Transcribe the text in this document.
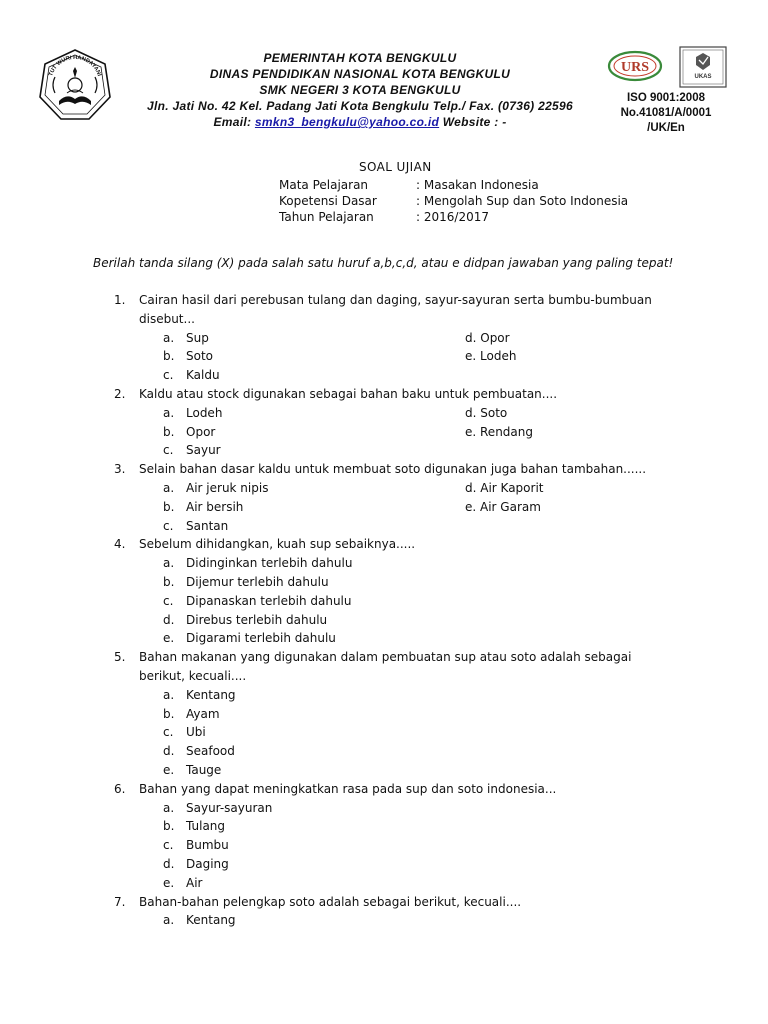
TUT WURI HANDAYANI
PEMERINTAH KOTA BENGKULU
DINAS PENDIDIKAN NASIONAL KOTA BENGKULU
SMK NEGERI 3 KOTA BENGKULU
Jln. Jati No. 42 Kel. Padang Jati Kota Bengkulu Telp./ Fax. (0736) 22596
Email: smkn3_bengkulu@yahoo.co.id Website : -
URS
UKAS
ISO 9001:2008
No.41081/A/0001
/UK/En
SOAL UJIAN
Mata Pelajaran	: Masakan Indonesia
Kopetensi Dasar	: Mengolah Sup dan Soto Indonesia
Tahun Pelajaran	: 2016/2017
Berilah tanda silang (X) pada salah satu huruf a,b,c,d, atau e didpan jawaban yang paling tepat!
1. Cairan hasil dari perebusan tulang dan daging, sayur-sayuran serta bumbu-bumbuan disebut...
a. Sup	d. Opor
b. Soto	e. Lodeh
c. Kaldu
2. Kaldu atau stock digunakan sebagai bahan baku untuk pembuatan....
a. Lodeh	d. Soto
b. Opor	e. Rendang
c. Sayur
3. Selain bahan dasar kaldu untuk membuat soto digunakan juga bahan tambahan......
a. Air jeruk nipis	d. Air Kaporit
b. Air bersih	e. Air Garam
c. Santan
4. Sebelum dihidangkan, kuah sup sebaiknya.....
a. Didinginkan terlebih dahulu
b. Dijemur terlebih dahulu
c. Dipanaskan terlebih dahulu
d. Direbus terlebih dahulu
e. Digarami terlebih dahulu
5. Bahan makanan yang digunakan dalam pembuatan sup atau soto adalah sebagai berikut, kecuali....
a. Kentang
b. Ayam
c. Ubi
d. Seafood
e. Tauge
6. Bahan yang dapat meningkatkan rasa pada sup dan soto indonesia...
a. Sayur-sayuran
b. Tulang
c. Bumbu
d. Daging
e. Air
7. Bahan-bahan pelengkap soto adalah sebagai berikut, kecuali....
a. Kentang
